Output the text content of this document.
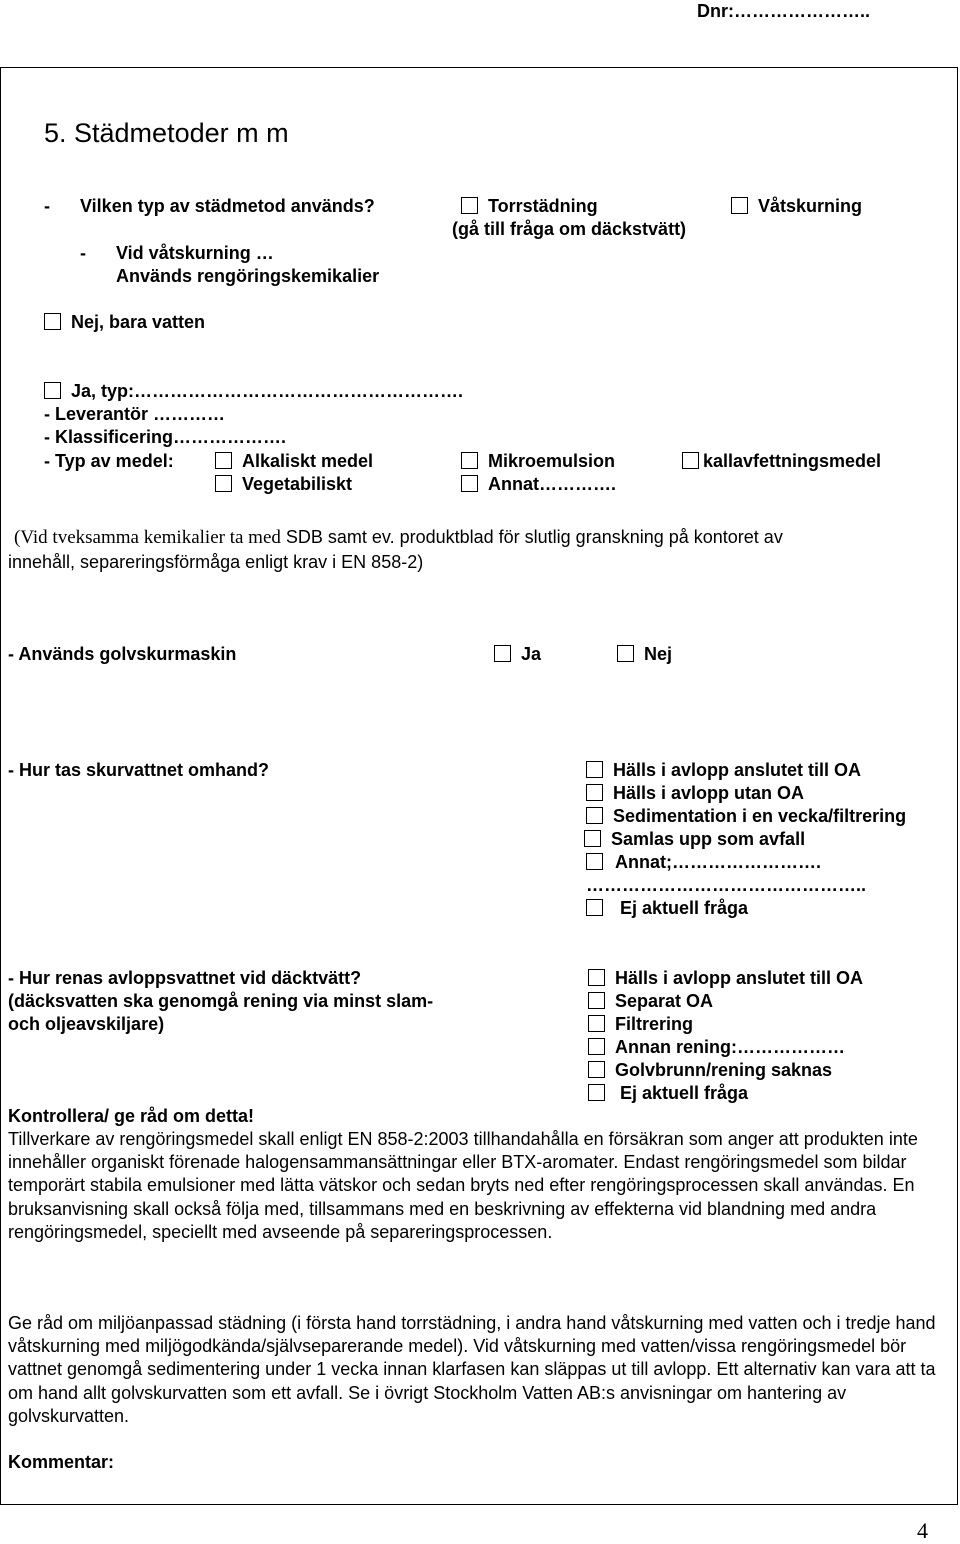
Dnr:…………………..
5. Städmetoder m m
- Vilken typ av städmetod används?	Torrstädning
(gå till fråga om däckstvätt)
Våtskurning
- Vid våtskurning …
Används rengöringskemikalier
Nej, bara vatten
Ja, typ:……………………………………………….
- Leverantör …………
- Klassificering……………….
- Typ av medel:	Alkaliskt medel	Mikroemulsion	kallavfettningsmedel
Vegetabiliskt	Annat………….
(Vid tveksamma kemikalier ta med SDB samt ev. produktblad för slutlig granskning på kontoret av
innehåll, separeringsförmåga enligt krav i EN 858-2)
- Används golvskurmaskin	Ja	Nej
- Hur tas skurvattnet omhand?	Hälls i avlopp anslutet till OA
Hälls i avlopp utan OA
Sedimentation i en vecka/filtrering
Samlas upp som avfall
Annat;…………………….
………………………………………..
Ej aktuell fråga
- Hur renas avloppsvattnet vid däcktvätt?
(däcksvatten ska genomgå rening via minst slam-
och oljeavskiljare)
Hälls i avlopp anslutet till OA
Separat OA
Filtrering
Annan rening:………………
Golvbrunn/rening saknas
Ej aktuell fråga
Kontrollera/ ge råd om detta!
Tillverkare av rengöringsmedel skall enligt EN 858-2:2003 tillhandahålla en försäkran som anger att produkten inte innehåller organiskt förenade halogensammansättningar eller BTX-aromater. Endast rengöringsmedel som bildar temporärt stabila emulsioner med lätta vätskor och sedan bryts ned efter rengöringsprocessen skall användas. En bruksanvisning skall också följa med, tillsammans med en beskrivning av effekterna vid blandning med andra rengöringsmedel, speciellt med avseende på separeringsprocessen.
Ge råd om miljöanpassad städning (i första hand torrstädning, i andra hand våtskurning med vatten och i tredje hand våtskurning med miljögodkända/självseparerande medel). Vid våtskurning med vatten/vissa rengöringsmedel bör vattnet genomgå sedimentering under 1 vecka innan klarfasen kan släppas ut till avlopp. Ett alternativ kan vara att ta om hand allt golvskurvatten som ett avfall. Se i övrigt Stockholm Vatten AB:s anvisningar om hantering av golvskurvatten.
Kommentar:
4
